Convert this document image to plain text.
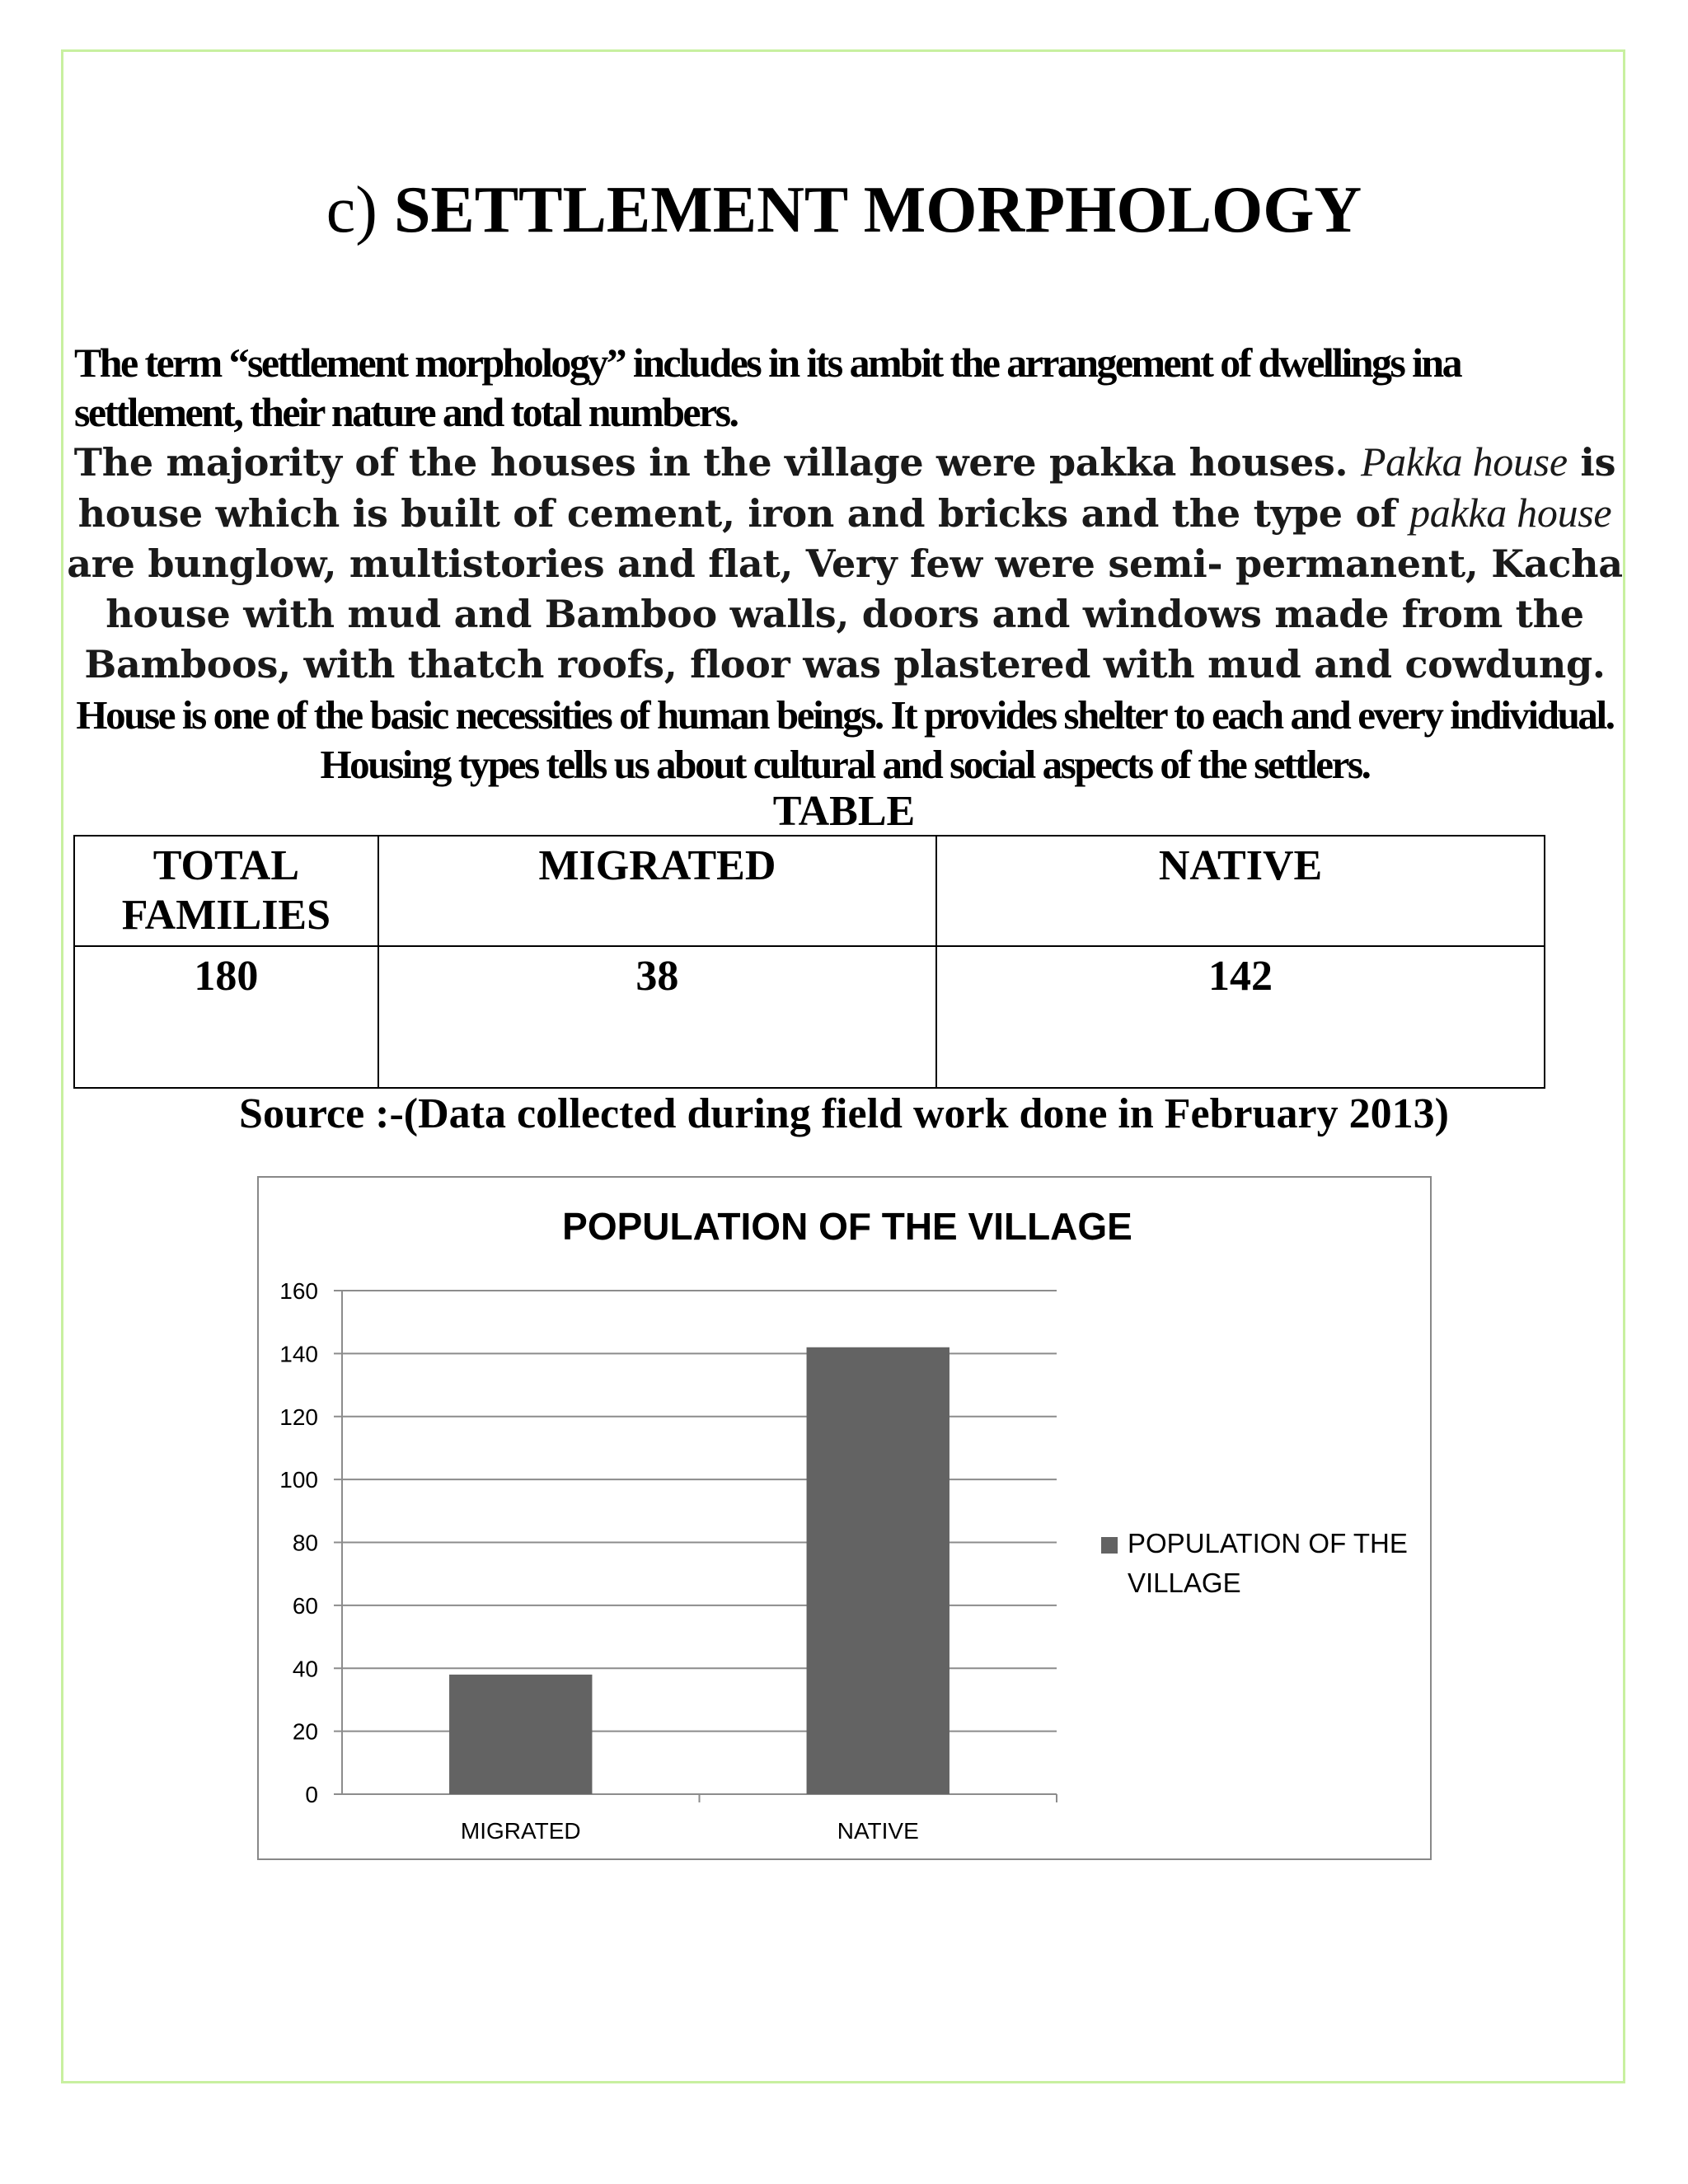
c) SETTLEMENT MORPHOLOGY
The term “settlement morphology” includes in its ambit the arrangement of dwellings ina settlement, their nature and total numbers.
The majority of the houses in the village were pakka houses. Pakka house is house which is built of cement, iron and bricks and the type of pakka house are bunglow, multistories and flat, Very few were semi- permanent, Kacha house with mud and Bamboo walls, doors and windows made from the Bamboos, with thatch roofs, floor was plastered with mud and cowdung.
House is one of the basic necessities of human beings. It provides shelter to each and every individual. Housing types tells us about cultural and social aspects of the settlers.
TABLE
TOTAL FAMILIES	MIGRATED	NATIVE
180	38	142
Source :-(Data collected during field work done in February 2013)
POPULATION OF THE VILLAGE
0
20
40
60
80
100
120
140
160
MIGRATED	NATIVE
POPULATION OF THE VILLAGE
